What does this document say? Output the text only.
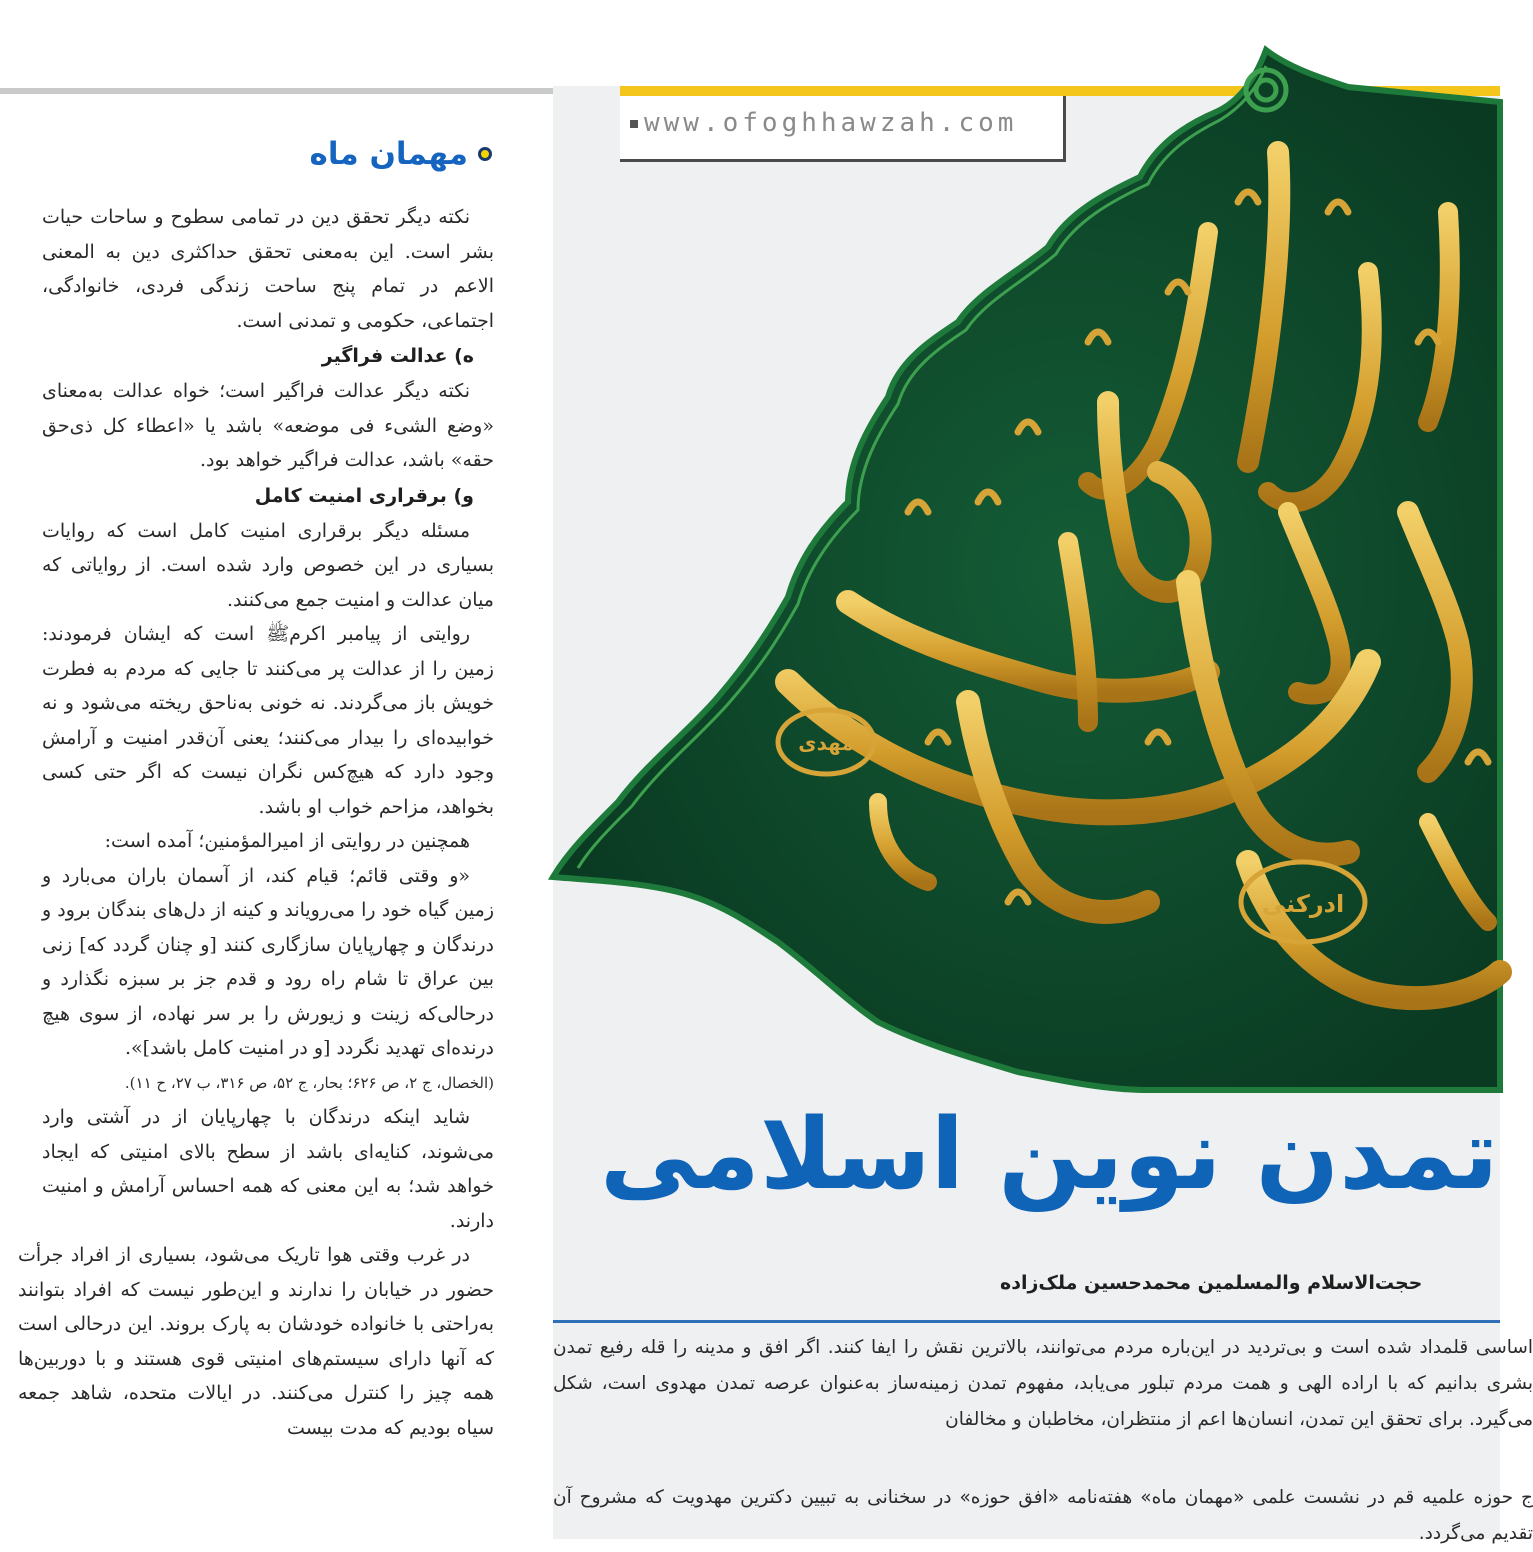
مهمان ماه

نکته دیگر تحقق دین در تمامی سطوح و ساحات حیات بشر است. این به‌معنی تحقق حداکثری دین به المعنی الاعم در تمام پنج ساحت زندگی فردی، خانوادگی، اجتماعی، حکومی و تمدنی است.

ه) عدالت فراگیر

نکته دیگر عدالت فراگیر است؛ خواه عدالت به‌معنای «وضع الشیء فی موضعه» باشد یا «اعطاء کل ذی‌حق حقه» باشد، عدالت فراگیر خواهد بود.

و) برقراری امنیت کامل

مسئله دیگر برقراری امنیت کامل است که روایات بسیاری در این خصوص وارد شده است. از روایاتی که میان عدالت و امنیت جمع می‌کنند.

روایتی از پیامبر اکرمﷺ است که ایشان فرمودند: زمین را از عدالت پر می‌کنند تا جایی که مردم به فطرت خویش باز می‌گردند. نه خونی به‌ناحق ریخته می‌شود و نه خوابیده‌ای را بیدار می‌کنند؛ یعنی آن‌قدر امنیت و آرامش وجود دارد که هیچ‌کس نگران نیست که اگر حتی کسی بخواهد، مزاحم خواب او باشد.

همچنین در روایتی از امیرالمؤمنین؛ آمده است:

«و وقتی قائم؛ قیام کند، از آسمان باران می‌بارد و زمین گیاه خود را می‌رویاند و کینه از دل‌های بندگان برود و درندگان و چهارپایان سازگاری کنند [و چنان گردد که] زنی بین عراق تا شام راه رود و قدم جز بر سبزه نگذارد و درحالی‌که زینت و زیورش را بر سر نهاده، از سوی هیچ درنده‌ای تهدید نگردد [و در امنیت کامل باشد]».

(الخصال، ج ۲، ص ۶۲۶؛ بحار، ج ۵۲، ص ۳۱۶، ب ۲۷، ح ۱۱).

شاید اینکه درندگان با چهارپایان از در آشتی وارد می‌شوند، کنایه‌ای باشد از سطح بالای امنیتی که ایجاد خواهد شد؛ به این معنی که همه احساس آرامش و امنیت دارند.

در غرب وقتی هوا تاریک می‌شود، بسیاری از افراد جرأت حضور در خیابان را ندارند و این‌طور نیست که افراد بتوانند به‌راحتی با خانواده خودشان به پارک بروند. این درحالی است که آنها دارای سیستم‌های امنیتی قوی هستند و با دوربین‌ها همه چیز را کنترل می‌کنند. در ایالات متحده، شاهد جمعه سیاه بودیم که مدت بیست

www.ofoghhawzah.com
مهدی
ادرکنی
تمدن نوین اسلامی
حجت‌الاسلام والمسلمین محمدحسین ملک‌زاده
اساسی قلمداد شده است و بی‌تردید در این‌باره مردم می‌توانند، بالاترین نقش را ایفا کنند. اگر افق و مدینه را قله رفیع تمدن بشری بدانیم که با اراده الهی و همت مردم تبلور می‌یابد، مفهوم تمدن زمینه‌ساز به‌عنوان عرصه تمدن مهدوی است، شکل می‌گیرد. برای تحقق این تمدن، انسان‌ها اعم از منتظران، مخاطبان و مخالفان
ج حوزه علمیه قم در نشست علمی «مهمان ماه» هفته‌نامه «افق حوزه» در سخنانی به تبیین دکترین مهدویت که مشروح آن تقدیم می‌گردد.
